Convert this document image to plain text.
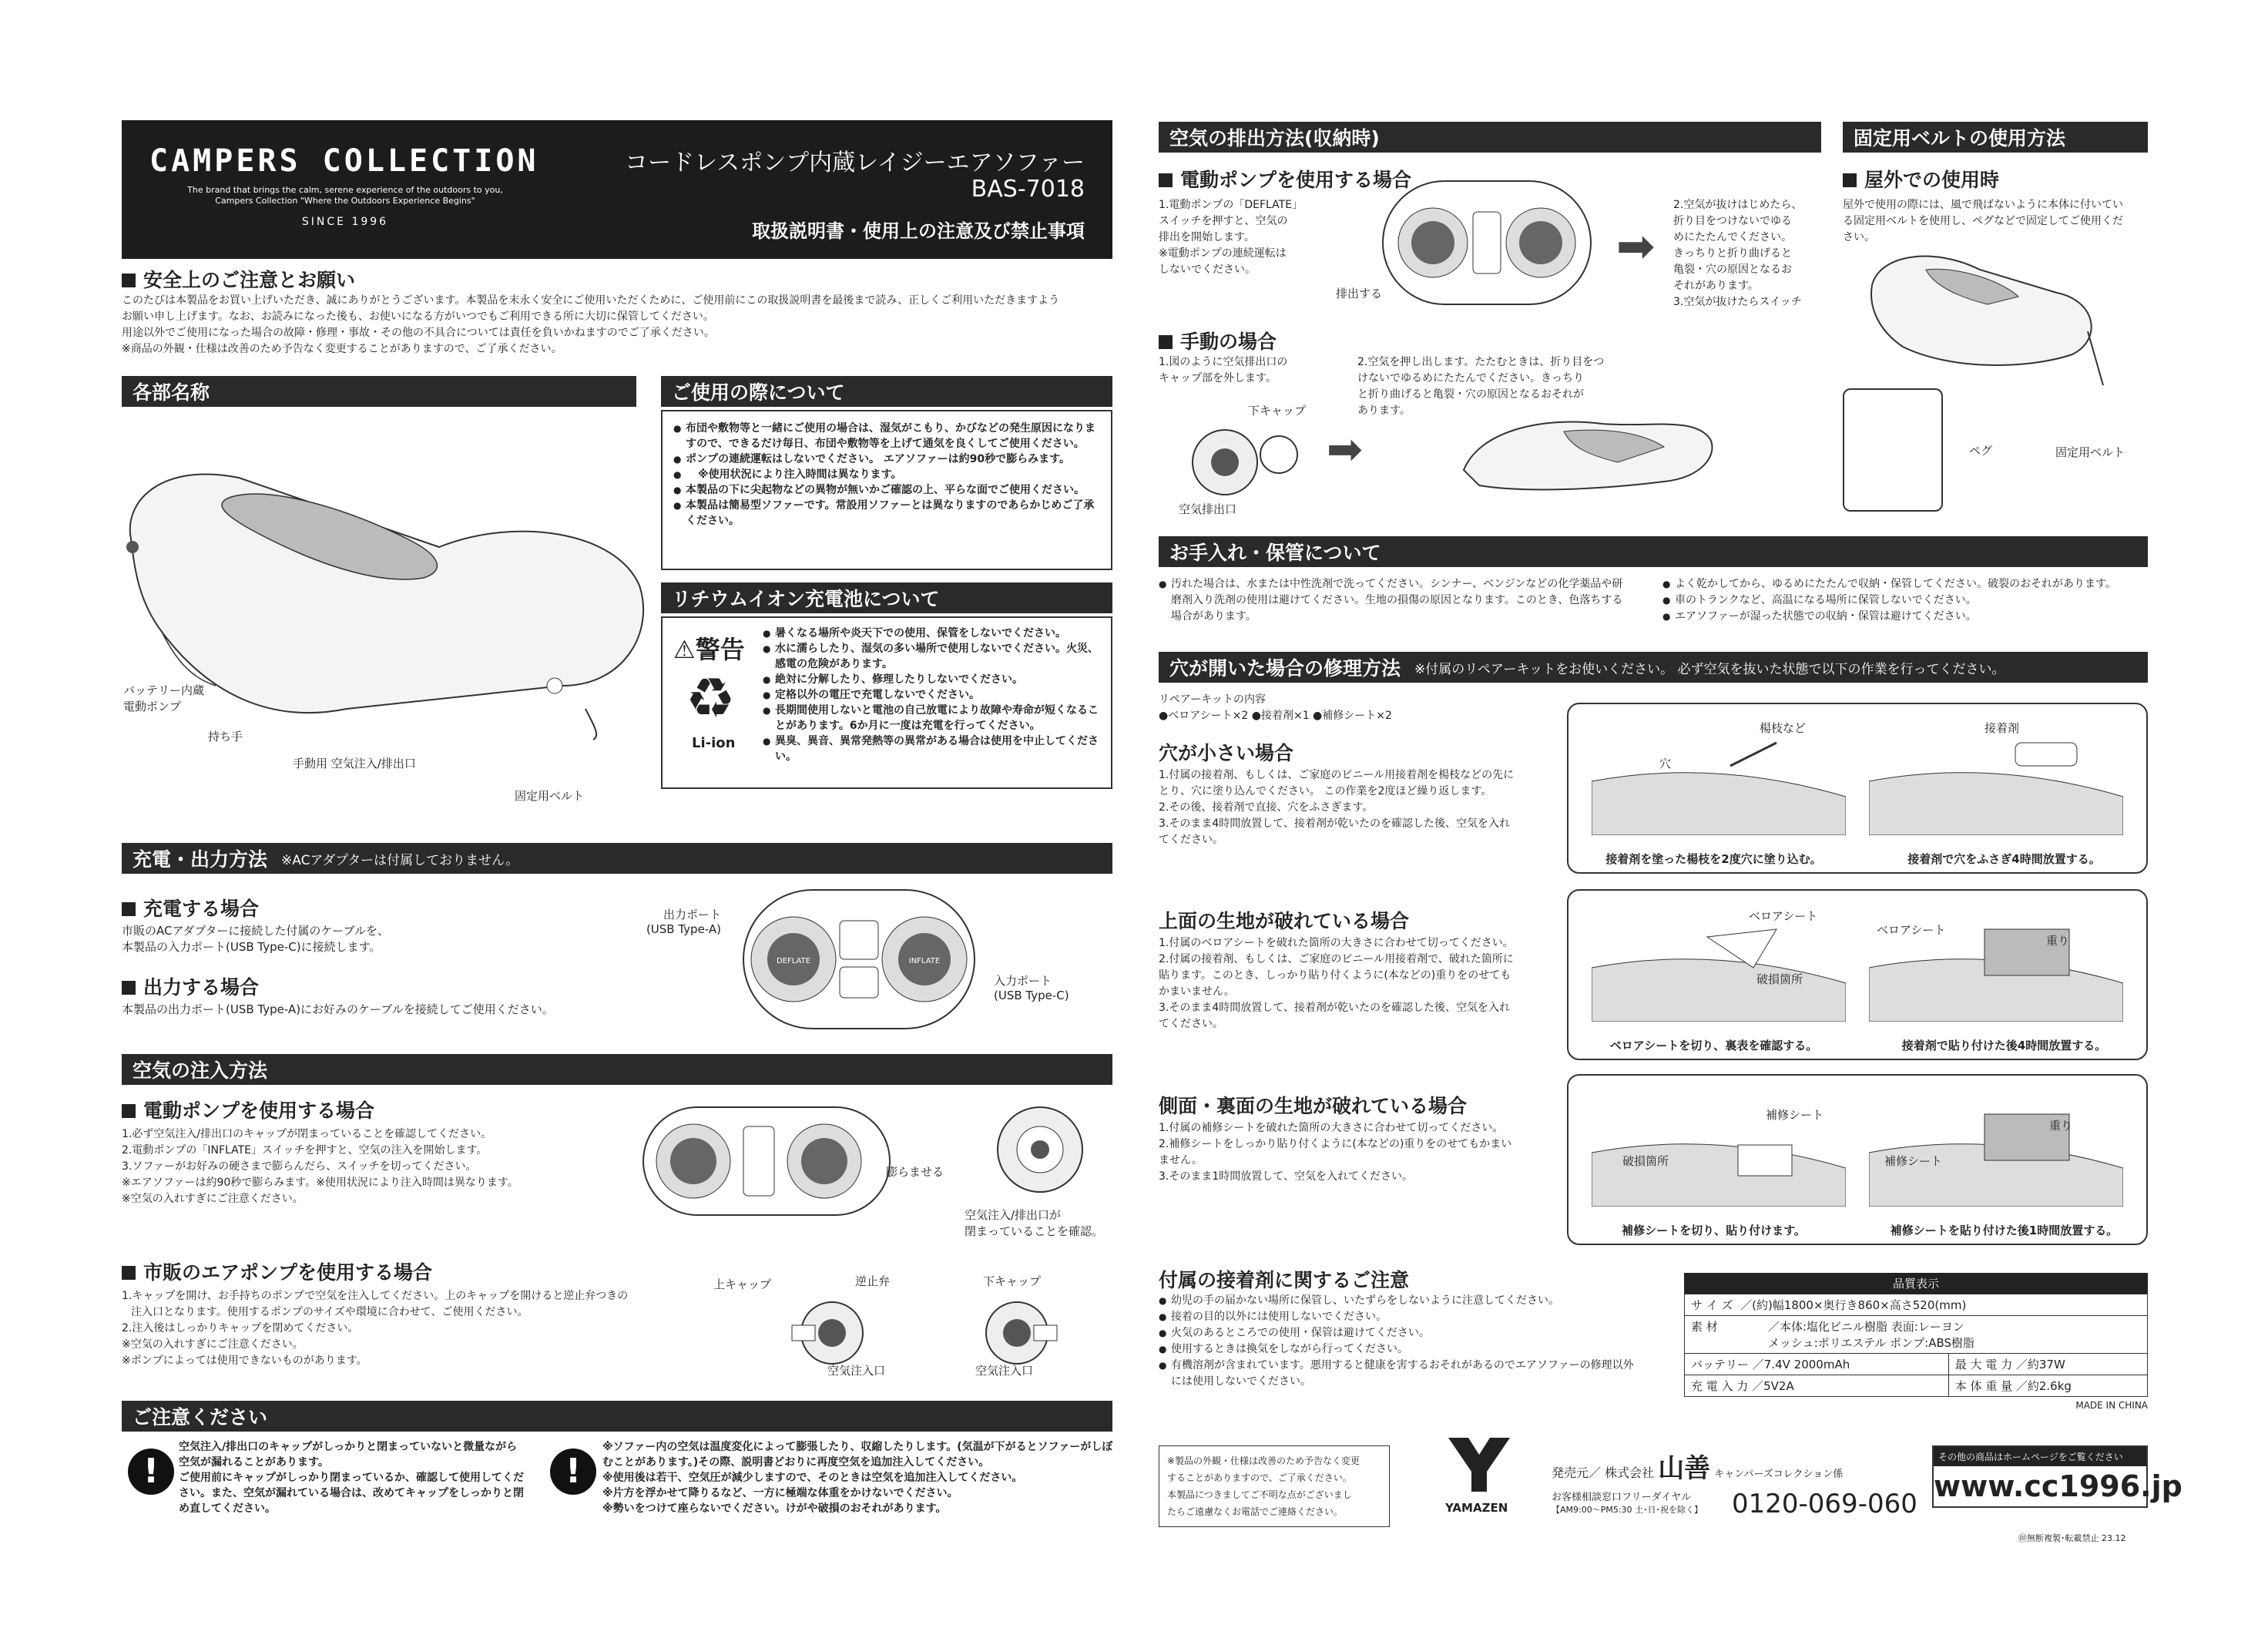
CAMPERS COLLECTION
The brand that brings the calm, serene experience of the outdoors to you,
Campers Collection "Where the Outdoors Experience Begins"
SINCE 1996
コードレスポンプ内蔵レイジーエアソファー
BAS-7018
取扱説明書・使用上の注意及び禁止事項
安全上のご注意とお願い
このたびは本製品をお買い上げいただき、誠にありがとうございます。本製品を末永く安全にご使用いただくために、ご使用前にこの取扱説明書を最後まで読み、正しくご利用いただきますよう
お願い申し上げます。なお、お読みになった後も、お使いになる方がいつでもご利用できる所に大切に保管してください。
用途以外でご使用になった場合の故障・修理・事故・その他の不具合については責任を負いかねますのでご了承ください。
※商品の外観・仕様は改善のため予告なく変更することがありますので、ご了承ください。
各部名称
バッテリー内蔵
電動ポンプ
持ち手
手動用 空気注入/排出口
固定用ベルト
ご使用の際について
● 布団や敷物等と一緒にご使用の場合は、湿気がこもり、かびなどの発生原因になりますので、できるだけ毎日、布団や敷物等を上げて通気を良くしてご使用ください。
● ポンプの連続運転はしないでください。 エアソファーは約90秒で膨らみます。
● ※使用状況により注入時間は異なります。
● 本製品の下に尖起物などの異物が無いかご確認の上、平らな面でご使用ください。
● 本製品は簡易型ソファーです。常設用ソファーとは異なりますのであらかじめご了承ください。
リチウムイオン充電池について
⚠警告
♻
Li-ion
● 暑くなる場所や炎天下での使用、保管をしないでください。
● 水に濡らしたり、湿気の多い場所で使用しないでください。火災、感電の危険があります。
● 絶対に分解したり、修理したりしないでください。
● 定格以外の電圧で充電しないでください。
● 長期間使用しないと電池の自己放電により故障や寿命が短くなることがあります。6か月に一度は充電を行ってください。
● 異臭、異音、異常発熱等の異常がある場合は使用を中止してください。
充電・出力方法 ※ACアダプターは付属しておりません。
充電する場合
市販のACアダプターに接続した付属のケーブルを、
本製品の入力ポート(USB Type-C)に接続します。
出力する場合
本製品の出力ポート(USB Type-A)にお好みのケーブルを接続してご使用ください。
DEFLATE	INFLATE
出力ポート
(USB Type-A)
入力ポート
(USB Type-C)
空気の注入方法
電動ポンプを使用する場合
1.必ず空気注入/排出口のキャップが閉まっていることを確認してください。
2.電動ポンプの「INFLATE」スイッチを押すと、空気の注入を開始します。
3.ソファーがお好みの硬さまで膨らんだら、スイッチを切ってください。
※エアソファーは約90秒で膨らみます。※使用状況により注入時間は異なります。
※空気の入れすぎにご注意ください。
膨らませる
空気注入/排出口が
閉まっていることを確認。
市販のエアポンプを使用する場合
1.キャップを開け、お手持ちのポンプで空気を注入してください。上のキャップを開けると逆止弁つきの
注入口となります。使用するポンプのサイズや環境に合わせて、ご使用ください。
2.注入後はしっかりキャップを閉めてください。
※空気の入れすぎにご注意ください。
※ポンプによっては使用できないものがあります。
上キャップ	逆止弁	下キャップ
空気注入口	空気注入口
ご注意ください
!
空気注入/排出口のキャップがしっかりと閉まっていないと微量ながら空気が漏れることがあります。
ご使用前にキャップがしっかり閉まっているか、確認して使用してください。また、空気が漏れている場合は、改めてキャップをしっかりと閉め直してください。
!
※ソファー内の空気は温度変化によって膨張したり、収縮したりします。(気温が下がるとソファーがしぼむことがあります。)その際、説明書どおりに再度空気を追加注入してください。
※使用後は若干、空気圧が減少しますので、そのときは空気を追加注入してください。
※片方を浮かせて降りるなど、一方に極端な体重をかけないでください。
※勢いをつけて座らないでください。けがや破損のおそれがあります。
空気の排出方法(収納時)
電動ポンプを使用する場合
1.電動ポンプの「DEFLATE」
スイッチを押すと、空気の
排出を開始します。
※電動ポンプの連続運転は
しないでください。
排出する
➡
2.空気が抜けはじめたら、
折り目をつけないでゆる
めにたたんでください。
きっちりと折り曲げると
亀裂・穴の原因となるお
それがあります。
3.空気が抜けたらスイッチ
手動の場合
1.図のように空気排出口の
キャップ部を外します。
2.空気を押し出します。たたむときは、折り目をつ
けないでゆるめにたたんでください。きっちり
と折り曲げると亀裂・穴の原因となるおそれが
あります。
下キャップ
空気排出口
➡
固定用ベルトの使用方法
屋外での使用時
屋外で使用の際には、風で飛ばないように本体に付いてい
る固定用ベルトを使用し、ペグなどで固定してご使用くだ
さい。
ペグ	固定用ベルト
お手入れ・保管について
● 汚れた場合は、水または中性洗剤で洗ってください。シンナー、ベンジンなどの化学薬品や研磨剤入り洗剤の使用は避けてください。生地の損傷の原因となります。このとき、色落ちする場合があります。
● よく乾かしてから、ゆるめにたたんで収納・保管してください。破裂のおそれがあります。
● 車のトランクなど、高温になる場所に保管しないでください。
● エアソファーが湿った状態での収納・保管は避けてください。
穴が開いた場合の修理方法 ※付属のリペアーキットをお使いください。 必ず空気を抜いた状態で以下の作業を行ってください。
リペアーキットの内容
●ベロアシート×2 ●接着剤×1 ●補修シート×2
穴が小さい場合
1.付属の接着剤、もしくは、ご家庭のビニール用接着剤を楊枝などの先に
とり、穴に塗り込んでください。 この作業を2度ほど繰り返します。
2.その後、接着剤で直接、穴をふさぎます。
3.そのまま4時間放置して、接着剤が乾いたのを確認した後、空気を入れ
てください。
楊枝など
穴
接着剤
接着剤を塗った楊枝を2度穴に塗り込む。	接着剤で穴をふさぎ4時間放置する。
上面の生地が破れている場合
1.付属のベロアシートを破れた箇所の大きさに合わせて切ってください。
2.付属の接着剤、もしくは、ご家庭のビニール用接着剤で、破れた箇所に
貼ります。このとき、しっかり貼り付くように(本などの)重りをのせても
かまいません。
3.そのまま4時間放置して、接着剤が乾いたのを確認した後、空気を入れ
てください。
ベロアシート
破損箇所
ベロアシート
重り
ベロアシートを切り、裏表を確認する。	接着剤で貼り付けた後4時間放置する。
側面・裏面の生地が破れている場合
1.付属の補修シートを破れた箇所の大きさに合わせて切ってください。
2.補修シートをしっかり貼り付くように(本などの)重りをのせてもかまい
ません。
3.そのまま1時間放置して、空気を入れてください。
補修シート
破損箇所	補修シート
重り
補修シートを切り、貼り付けます。	補修シートを貼り付けた後1時間放置する。
付属の接着剤に関するご注意
● 幼児の手の届かない場所に保管し、いたずらをしないように注意してください。
● 接着の目的以外には使用しないでください。
● 火気のあるところでの使用・保管は避けてください。
● 使用するときは換気をしながら行ってください。
● 有機溶剤が含まれています。悪用すると健康を害するおそれがあるのでエアソファーの修理以外には使用しないでください。
品質表示
サ イ ズ ／(約)幅1800×奥行き860×高さ520(mm)	
素 材 ／本体:塩化ビニル樹脂 表面:レーヨン
メッシュ:ポリエステル ポンプ:ABS樹脂	
バッテリー ／7.4V 2000mAh	最 大 電 力 ／約37W
充 電 入 力 ／5V2A	本 体 重 量 ／約2.6kg
MADE IN CHINA
※製品の外観・仕様は改善のため予告なく変更
することがありますので、ご了承ください。
本製品につきましてご不明な点がございまし
たらご遠慮なくお電話でご連絡ください。	YAMAZEN
発売元／ 株式会社 山善 キャンパーズコレクション係
お客様相談窓口フリーダイヤル
【AM9:00〜PM5:30 土･日･祝を除く】 0120-069-060
その他の商品はホームページをご覧ください
www.cc1996.jp
㊞無断複製･転載禁止 23.12
